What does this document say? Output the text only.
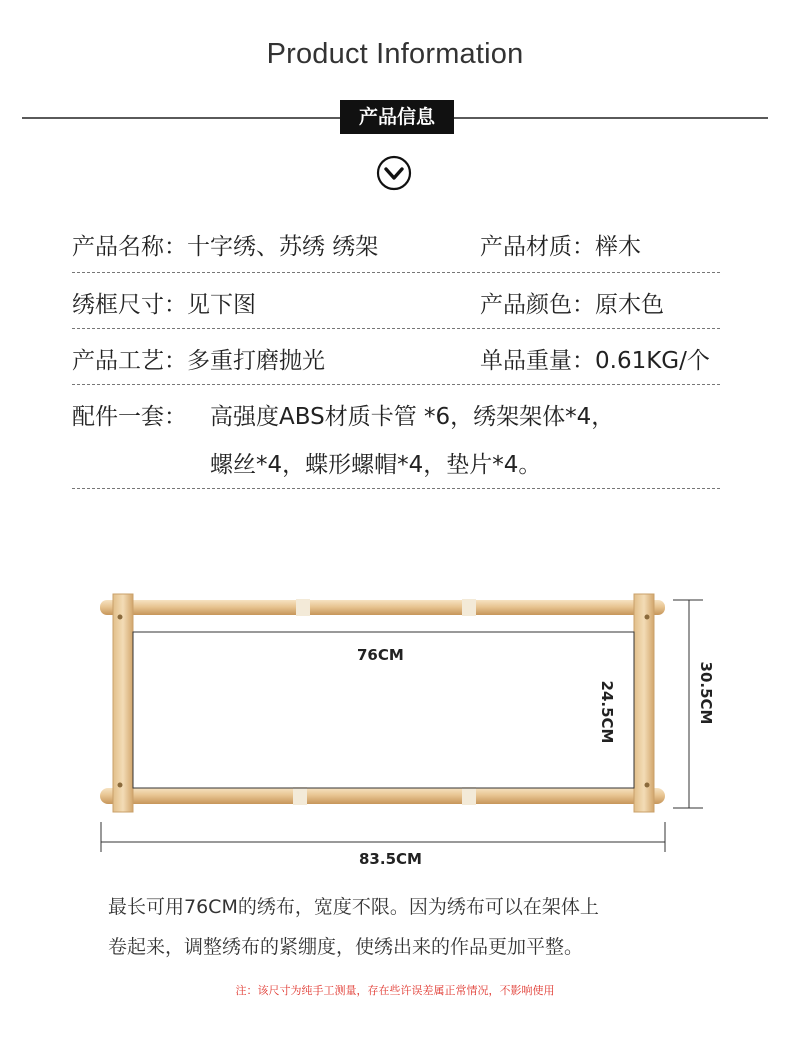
Product Information
产品信息
产品名称：十字绣、苏绣 绣架	产品材质：榉木
绣框尺寸：见下图	产品颜色：原木色
产品工艺：多重打磨抛光	单品重量：0.61KG/个
配件一套： 高强度ABS材质卡管 *6，绣架架体*4，
螺丝*4，蝶形螺帽*4，垫片*4。
76CM
24.5CM	30.5CM
83.5CM
最长可用76CM的绣布，宽度不限。因为绣布可以在架体上
卷起来，调整绣布的紧绷度，使绣出来的作品更加平整。
注：该尺寸为纯手工测量，存在些许误差属正常情况，不影响使用
